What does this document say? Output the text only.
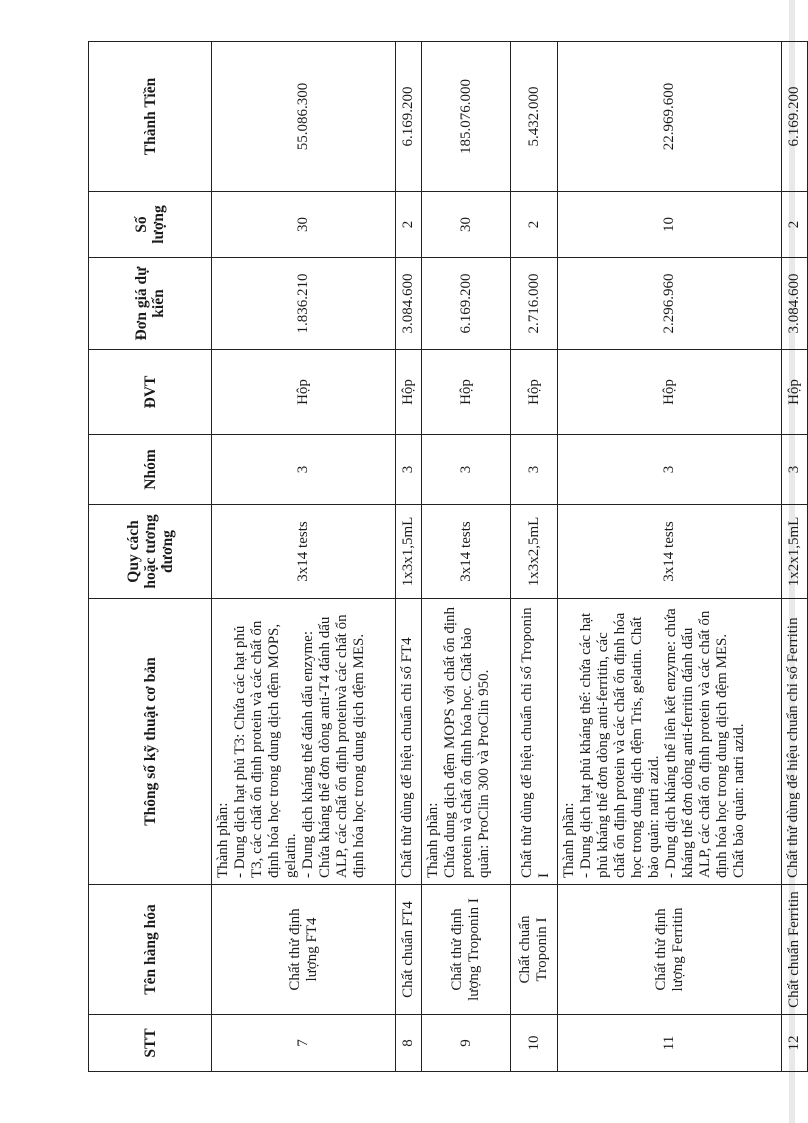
STT	Tên hàng hóa	Thông số kỹ thuật cơ bản	Quy cách hoặc tương đương	Nhóm	ĐVT	Đơn giá dự kiến	Số lượng	Thành Tiền
7	Chất thử định lượng FT4	Thành phần: - Dung dịch hạt phủ T3: Chứa các hạt phủ T3, các chất ổn định protein và các chất ổn định hóa học trong dung dịch đệm MOPS, gelatin. - Dung dịch kháng thể đánh dấu enzyme: Chứa kháng thể đơn dòng anti-T4 đánh dấu ALP, các chất ổn định proteinvà các chất ổn định hóa học trong dung dịch đệm MES.	3x14 tests	3	Hộp	1.836.210	30	55.086.300
8	Chất chuẩn FT4	Chất thử dùng để hiệu chuẩn chỉ số FT4	1x3x1,5mL	3	Hộp	3.084.600	2	6.169.200
9	Chất thử định lượng Troponin I	Thành phần: Chứa dung dịch đệm MOPS với chất ổn định protein và chất ổn định hóa học. Chất bảo quản: ProClin 300 và ProClin 950.	3x14 tests	3	Hộp	6.169.200	30	185.076.000
10	Chất chuẩn Troponin I	Chất thử dùng để hiệu chuẩn chỉ số Troponin I	1x3x2,5mL	3	Hộp	2.716.000	2	5.432.000
11	Chất thử định lượng Ferritin	Thành phần: - Dung dịch hạt phủ kháng thể: chứa các hạt phủ kháng thể đơn dòng anti-ferritin, các chất ổn định protein và các chất ổn định hóa học trong dung dịch đệm Tris, gelatin. Chất bảo quản: natri azid. - Dung dịch kháng thể liên kết enzyme: chứa kháng thể đơn dòng anti-ferritin đánh dấu ALP, các chất ổn định protein và các chất ổn định hóa học trong dung dịch đệm MES. Chất bảo quản: natri azid.	3x14 tests	3	Hộp	2.296.960	10	22.969.600
12	Chất chuẩn Ferritin	Chất thử dùng để hiệu chuẩn chỉ số Ferritin	1x2x1,5mL	3	Hộp	3.084.600	2	6.169.200
